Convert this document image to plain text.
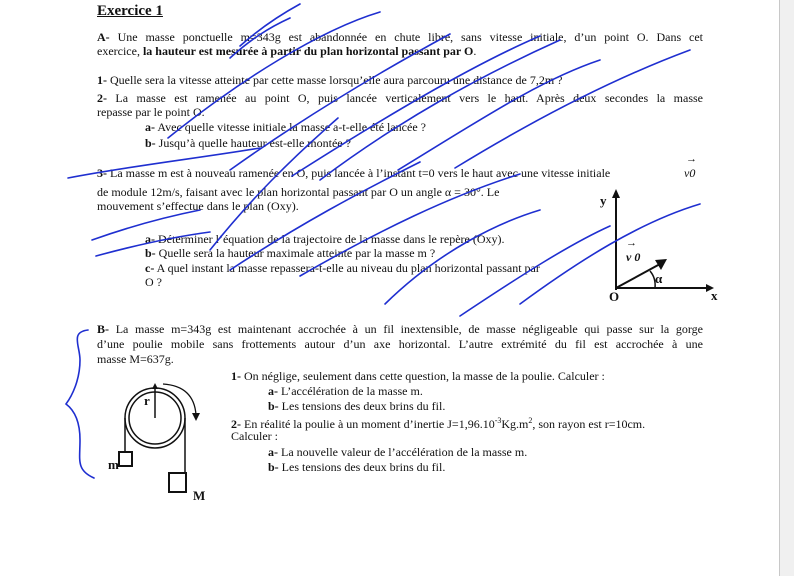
Exercice 1
A- Une masse ponctuelle m=343g est abandonnée en chute libre, sans vitesse initiale, d’un point O. Dans cet
exercice, la hauteur est mesurée à partir du plan horizontal passant par O.
1- Quelle sera la vitesse atteinte par cette masse lorsqu’elle aura parcouru une distance de 7,2m ?
2- La masse est ramenée au point O, puis lancée verticalement vers le haut. Après deux secondes la masse
repasse par le point O.
a- Avec quelle vitesse initiale la masse a-t-elle été lancée ?
b- Jusqu’à quelle hauteur est-elle montée ?
3- La masse m est à nouveau ramenée en O, puis lancée à l’instant t=0 vers le haut avec une vitesse initiale	v0
→
de module 12m/s, faisant avec le plan horizontal passant par O un angle α = 30°. Le
mouvement s’effectue dans le plan (Oxy).
a- Déterminer l’équation de la trajectoire de la masse dans le repère (Oxy).
b- Quelle sera la hauteur maximale atteinte par la masse m ?
c- A quel instant la masse repassera-t-elle au niveau du plan horizontal passant par
O ?
y
x
O
→
v 0
α
B- La masse m=343g est maintenant accrochée à un fil inextensible, de masse négligeable qui passe sur la gorge
d’une poulie mobile sans frottements autour d’un axe horizontal. L’autre extrémité du fil est accrochée à une
masse M=637g.
1- On néglige, seulement dans cette question, la masse de la poulie. Calculer :
a- L’accélération de la masse m.
b- Les tensions des deux brins du fil.
2- En réalité la poulie à un moment d’inertie $J=1,96.10^{-3}Kg.m^2$, son rayon est r=10cm.
Calculer :
a- La nouvelle valeur de l’accélération de la masse m.
b- Les tensions des deux brins du fil.
r
m
M
